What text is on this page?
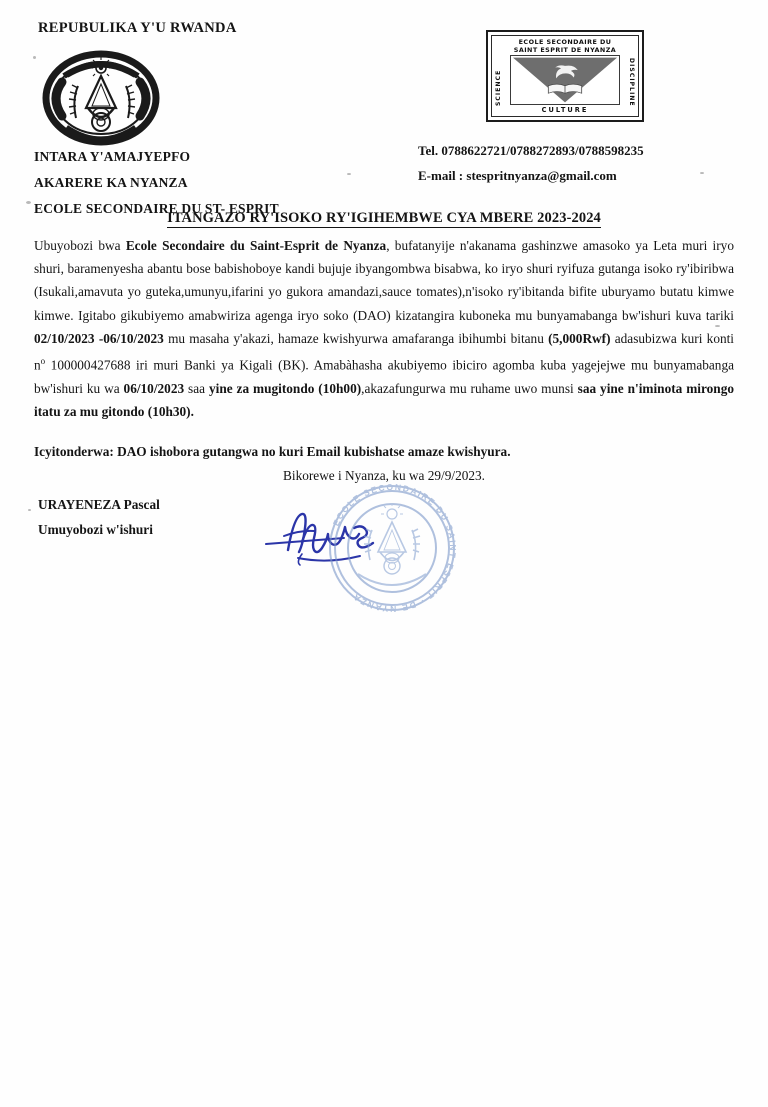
REPUBULIKA Y'U RWANDA
ECOLE SECONDAIRE DU
SAINT ESPRIT DE NYANZA
SCIENCE	DISCIPLINE
CULTURE
INTARA Y'AMAJYEPFO
AKARERE KA NYANZA
ECOLE SECONDAIRE DU ST- ESPRIT
Tel. 0788622721/0788272893/0788598235
E-mail : stespritnyanza@gmail.com
ITANGAZO RY'ISOKO RY'IGIHEMBWE CYA MBERE 2023-2024

Ubuyobozi bwa Ecole Secondaire du Saint-Esprit de Nyanza, bufatanyije n'akanama gashinzwe amasoko ya Leta muri iryo shuri, baramenyesha abantu bose babishoboye kandi bujuje ibyangombwa bisabwa, ko iryo shuri ryifuza gutanga isoko ry'ibiribwa (Isukali,amavuta yo guteka,umunyu,ifarini yo gukora amandazi,sauce tomates),n'isoko ry'ibitanda bifite uburyamo butatu kimwe kimwe. Igitabo gikubiyemo amabwiriza agenga iryo soko (DAO) kizatangira kuboneka mu bunyamabanga bw'ishuri kuva tariki 02/10/2023 -06/10/2023 mu masaha y'akazi, hamaze kwishyurwa amafaranga ibihumbi bitanu (5,000Rwf) adasubizwa kuri konti $n^o$ 100000427688 iri muri Banki ya Kigali (BK). Amabàhasha akubiyemo ibiciro agomba kuba yagejejwe mu bunyamabanga bw'ishuri ku wa 06/10/2023 saa yine za mugitondo (10h00),akazafungurwa mu ruhame uwo munsi saa yine n'iminota mirongo itatu za mu gitondo (10h30).

Icyitonderwa: DAO ishobora gutangwa no kuri Email kubishatse amaze kwishyura.
Bikorewe i Nyanza, ku wa 29/9/2023.
URAYENEZA Pascal
Umuyobozi w'ishuri	ECOLE SECONDAIRE DU SAINT ESPRIT · DE NYANZA
